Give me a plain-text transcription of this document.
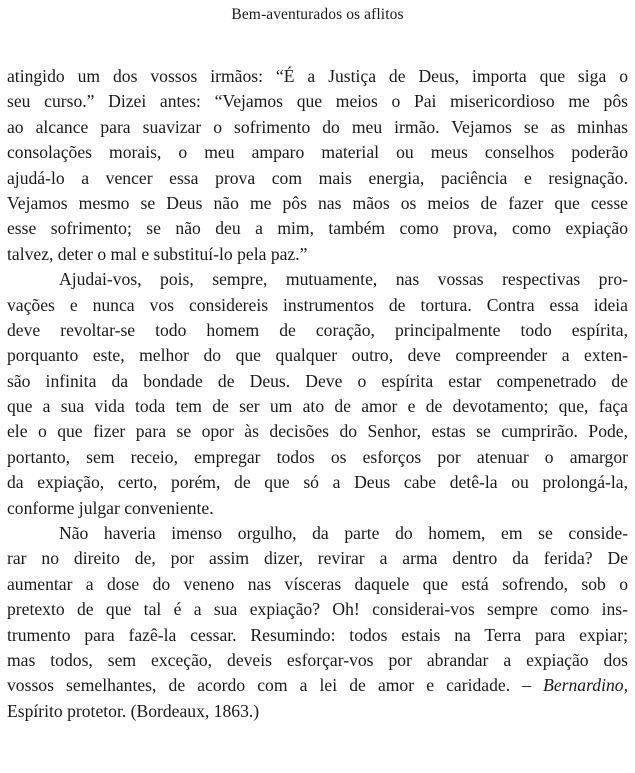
Bem-aventurados os aflitos
atingido um dos vossos irmãos: “É a Justiça de Deus, importa que siga o
seu curso.” Dizei antes: “Vejamos que meios o Pai misericordioso me pôs
ao alcance para suavizar o sofrimento do meu irmão. Vejamos se as minhas
consolações morais, o meu amparo material ou meus conselhos poderão
ajudá-lo a vencer essa prova com mais energia, paciência e resignação.
Vejamos mesmo se Deus não me pôs nas mãos os meios de fazer que cesse
esse sofrimento; se não deu a mim, também como prova, como expiação
talvez, deter o mal e substituí-lo pela paz.”
Ajudai-vos, pois, sempre, mutuamente, nas vossas respectivas pro-
vações e nunca vos considereis instrumentos de tortura. Contra essa ideia
deve revoltar-se todo homem de coração, principalmente todo espírita,
porquanto este, melhor do que qualquer outro, deve compreender a exten-
são infinita da bondade de Deus. Deve o espírita estar compenetrado de
que a sua vida toda tem de ser um ato de amor e de devotamento; que, faça
ele o que fizer para se opor às decisões do Senhor, estas se cumprirão. Pode,
portanto, sem receio, empregar todos os esforços por atenuar o amargor
da expiação, certo, porém, de que só a Deus cabe detê-la ou prolongá-la,
conforme julgar conveniente.
Não haveria imenso orgulho, da parte do homem, em se conside-
rar no direito de, por assim dizer, revirar a arma dentro da ferida? De
aumentar a dose do veneno nas vísceras daquele que está sofrendo, sob o
pretexto de que tal é a sua expiação? Oh! considerai-vos sempre como ins-
trumento para fazê-la cessar. Resumindo: todos estais na Terra para expiar;
mas todos, sem exceção, deveis esforçar-vos por abrandar a expiação dos
vossos semelhantes, de acordo com a lei de amor e caridade. – Bernardino,
Espírito protetor. (Bordeaux, 1863.)
